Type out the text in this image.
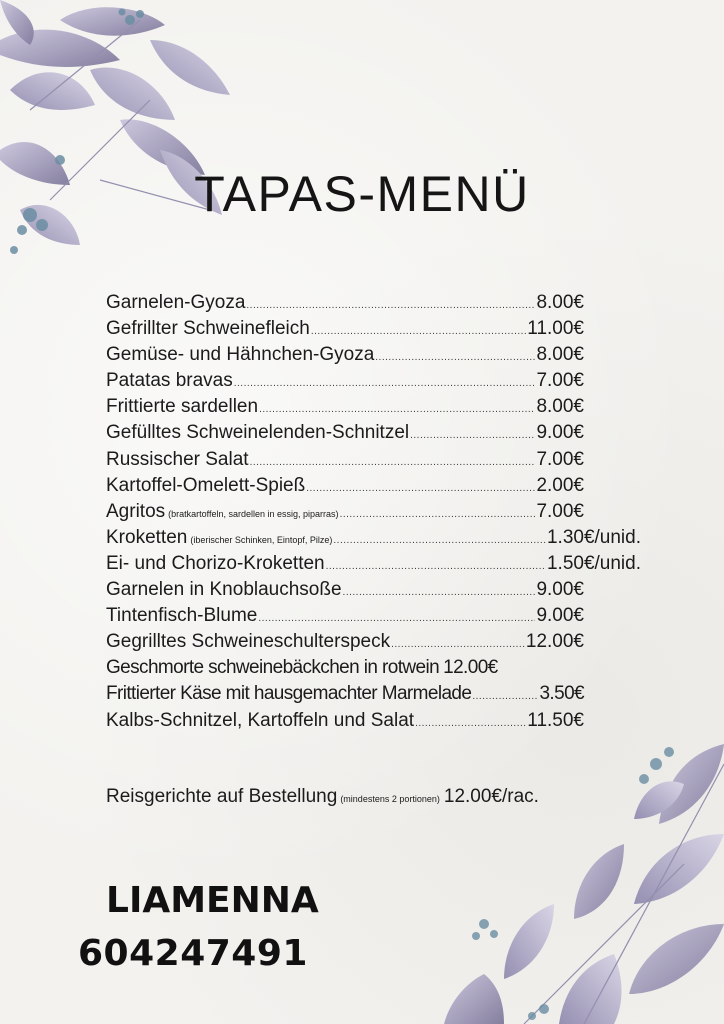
TAPAS-MENÜ
Garnelen-Gyoza .....	8.00€
Gefrillter Schweinefleich .....	11.00€
Gemüse- und Hähnchen-Gyoza .....	8.00€
Patatas bravas .....	7.00€
Frittierte sardellen .....	8.00€
Gefülltes Schweinelenden-Schnitzel .....	9.00€
Russischer Salat .....	7.00€
Kartoffel-Omelett-Spieß .....	2.00€
Agritos (bratkartoffeln, sardellen in essig, piparras) .....	7.00€
Kroketten (iberischer Schinken, Eintopf, Pilze) .....	1.30€/unid.
Ei- und Chorizo-Kroketten .....	1.50€/unid.
Garnelen in Knoblauchsoße .....	9.00€
Tintenfisch-Blume .....	9.00€
Gegrilltes Schweineschulterspeck .....	12.00€
Geschmorte schweinebäckchen in rotwein 12.00€
Frittierter Käse mit hausgemachter Marmelade .....	3.50€
Kalbs-Schnitzel, Kartoffeln und Salat .....	11.50€
Reisgerichte auf Bestellung (mindestens 2 portionen) 12.00€/rac.
LIAMENNA
604247491
